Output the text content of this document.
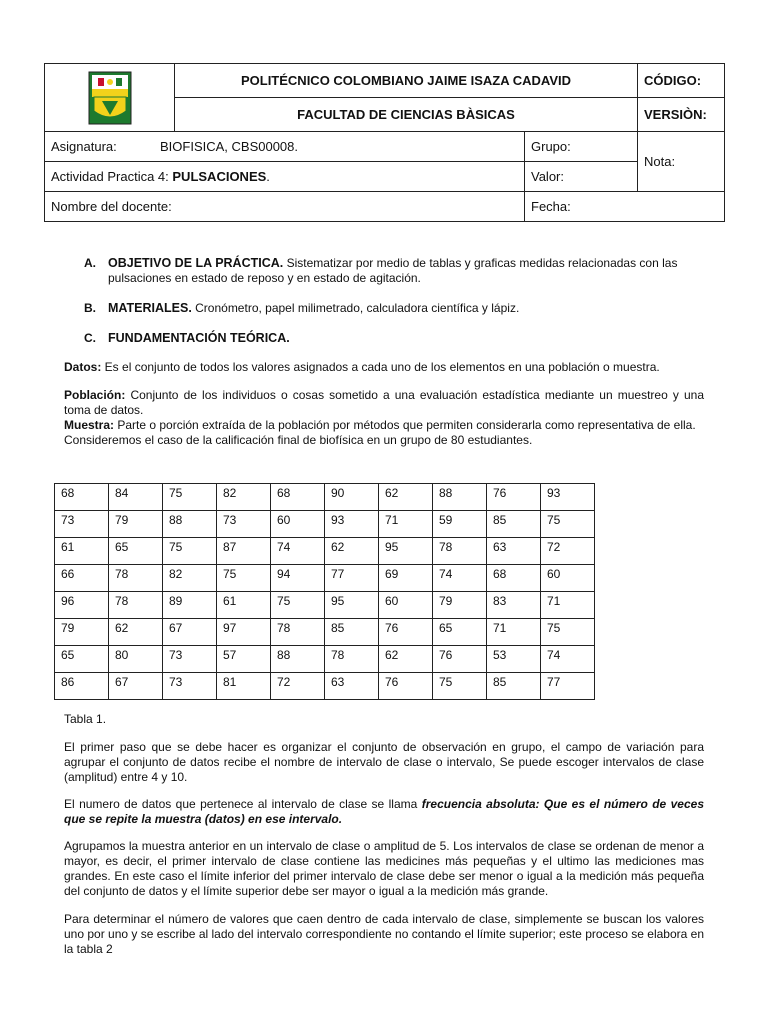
	POLITÉCNICO COLOMBIANO JAIME ISAZA CADAVID		CÓDIGO:
	FACULTAD DE CIENCIAS BÀSICAS		VERSIÒN:
Asignatura: BIOFISICA, CBS00008.		Grupo:	Nota:
Actividad Practica 4: PULSACIONES.		Valor:	
Nombre del docente:		Fecha:	
A. OBJETIVO DE LA PRÁCTICA. Sistematizar por medio de tablas y graficas medidas relacionadas con las pulsaciones en estado de reposo y en estado de agitación.
B. MATERIALES. Cronómetro, papel milimetrado, calculadora científica y lápiz.
C. FUNDAMENTACIÓN TEÓRICA.
Datos: Es el conjunto de todos los valores asignados a cada uno de los elementos en una población o muestra.
Población: Conjunto de los individuos o cosas sometido a una evaluación estadística mediante un muestreo y una toma de datos.
Muestra: Parte o porción extraída de la población por métodos que permiten considerarla como representativa de ella.
Consideremos el caso de la calificación final de biofísica en un grupo de 80 estudiantes.
68	84	75	82	68	90	62	88	76	93
73	79	88	73	60	93	71	59	85	75
61	65	75	87	74	62	95	78	63	72
66	78	82	75	94	77	69	74	68	60
96	78	89	61	75	95	60	79	83	71
79	62	67	97	78	85	76	65	71	75
65	80	73	57	88	78	62	76	53	74
86	67	73	81	72	63	76	75	85	77
Tabla 1.
El primer paso que se debe hacer es organizar el conjunto de observación en grupo, el campo de variación para agrupar el conjunto de datos recibe el nombre de intervalo de clase o intervalo, Se puede escoger intervalos de clase (amplitud) entre 4 y 10.
El numero de datos que pertenece al intervalo de clase se llama frecuencia absoluta: Que es el número de veces que se repite la muestra (datos) en ese intervalo.
Agrupamos la muestra anterior en un intervalo de clase o amplitud de 5. Los intervalos de clase se ordenan de menor a mayor, es decir, el primer intervalo de clase contiene las medicines más pequeñas y el ultimo las mediciones mas grandes. En este caso el límite inferior del primer intervalo de clase debe ser menor o igual a la medición más pequeña del conjunto de datos y el límite superior debe ser mayor o igual a la medición más grande.
Para determinar el número de valores que caen dentro de cada intervalo de clase, simplemente se buscan los valores uno por uno y se escribe al lado del intervalo correspondiente no contando el límite superior; este proceso se elabora en la tabla 2
